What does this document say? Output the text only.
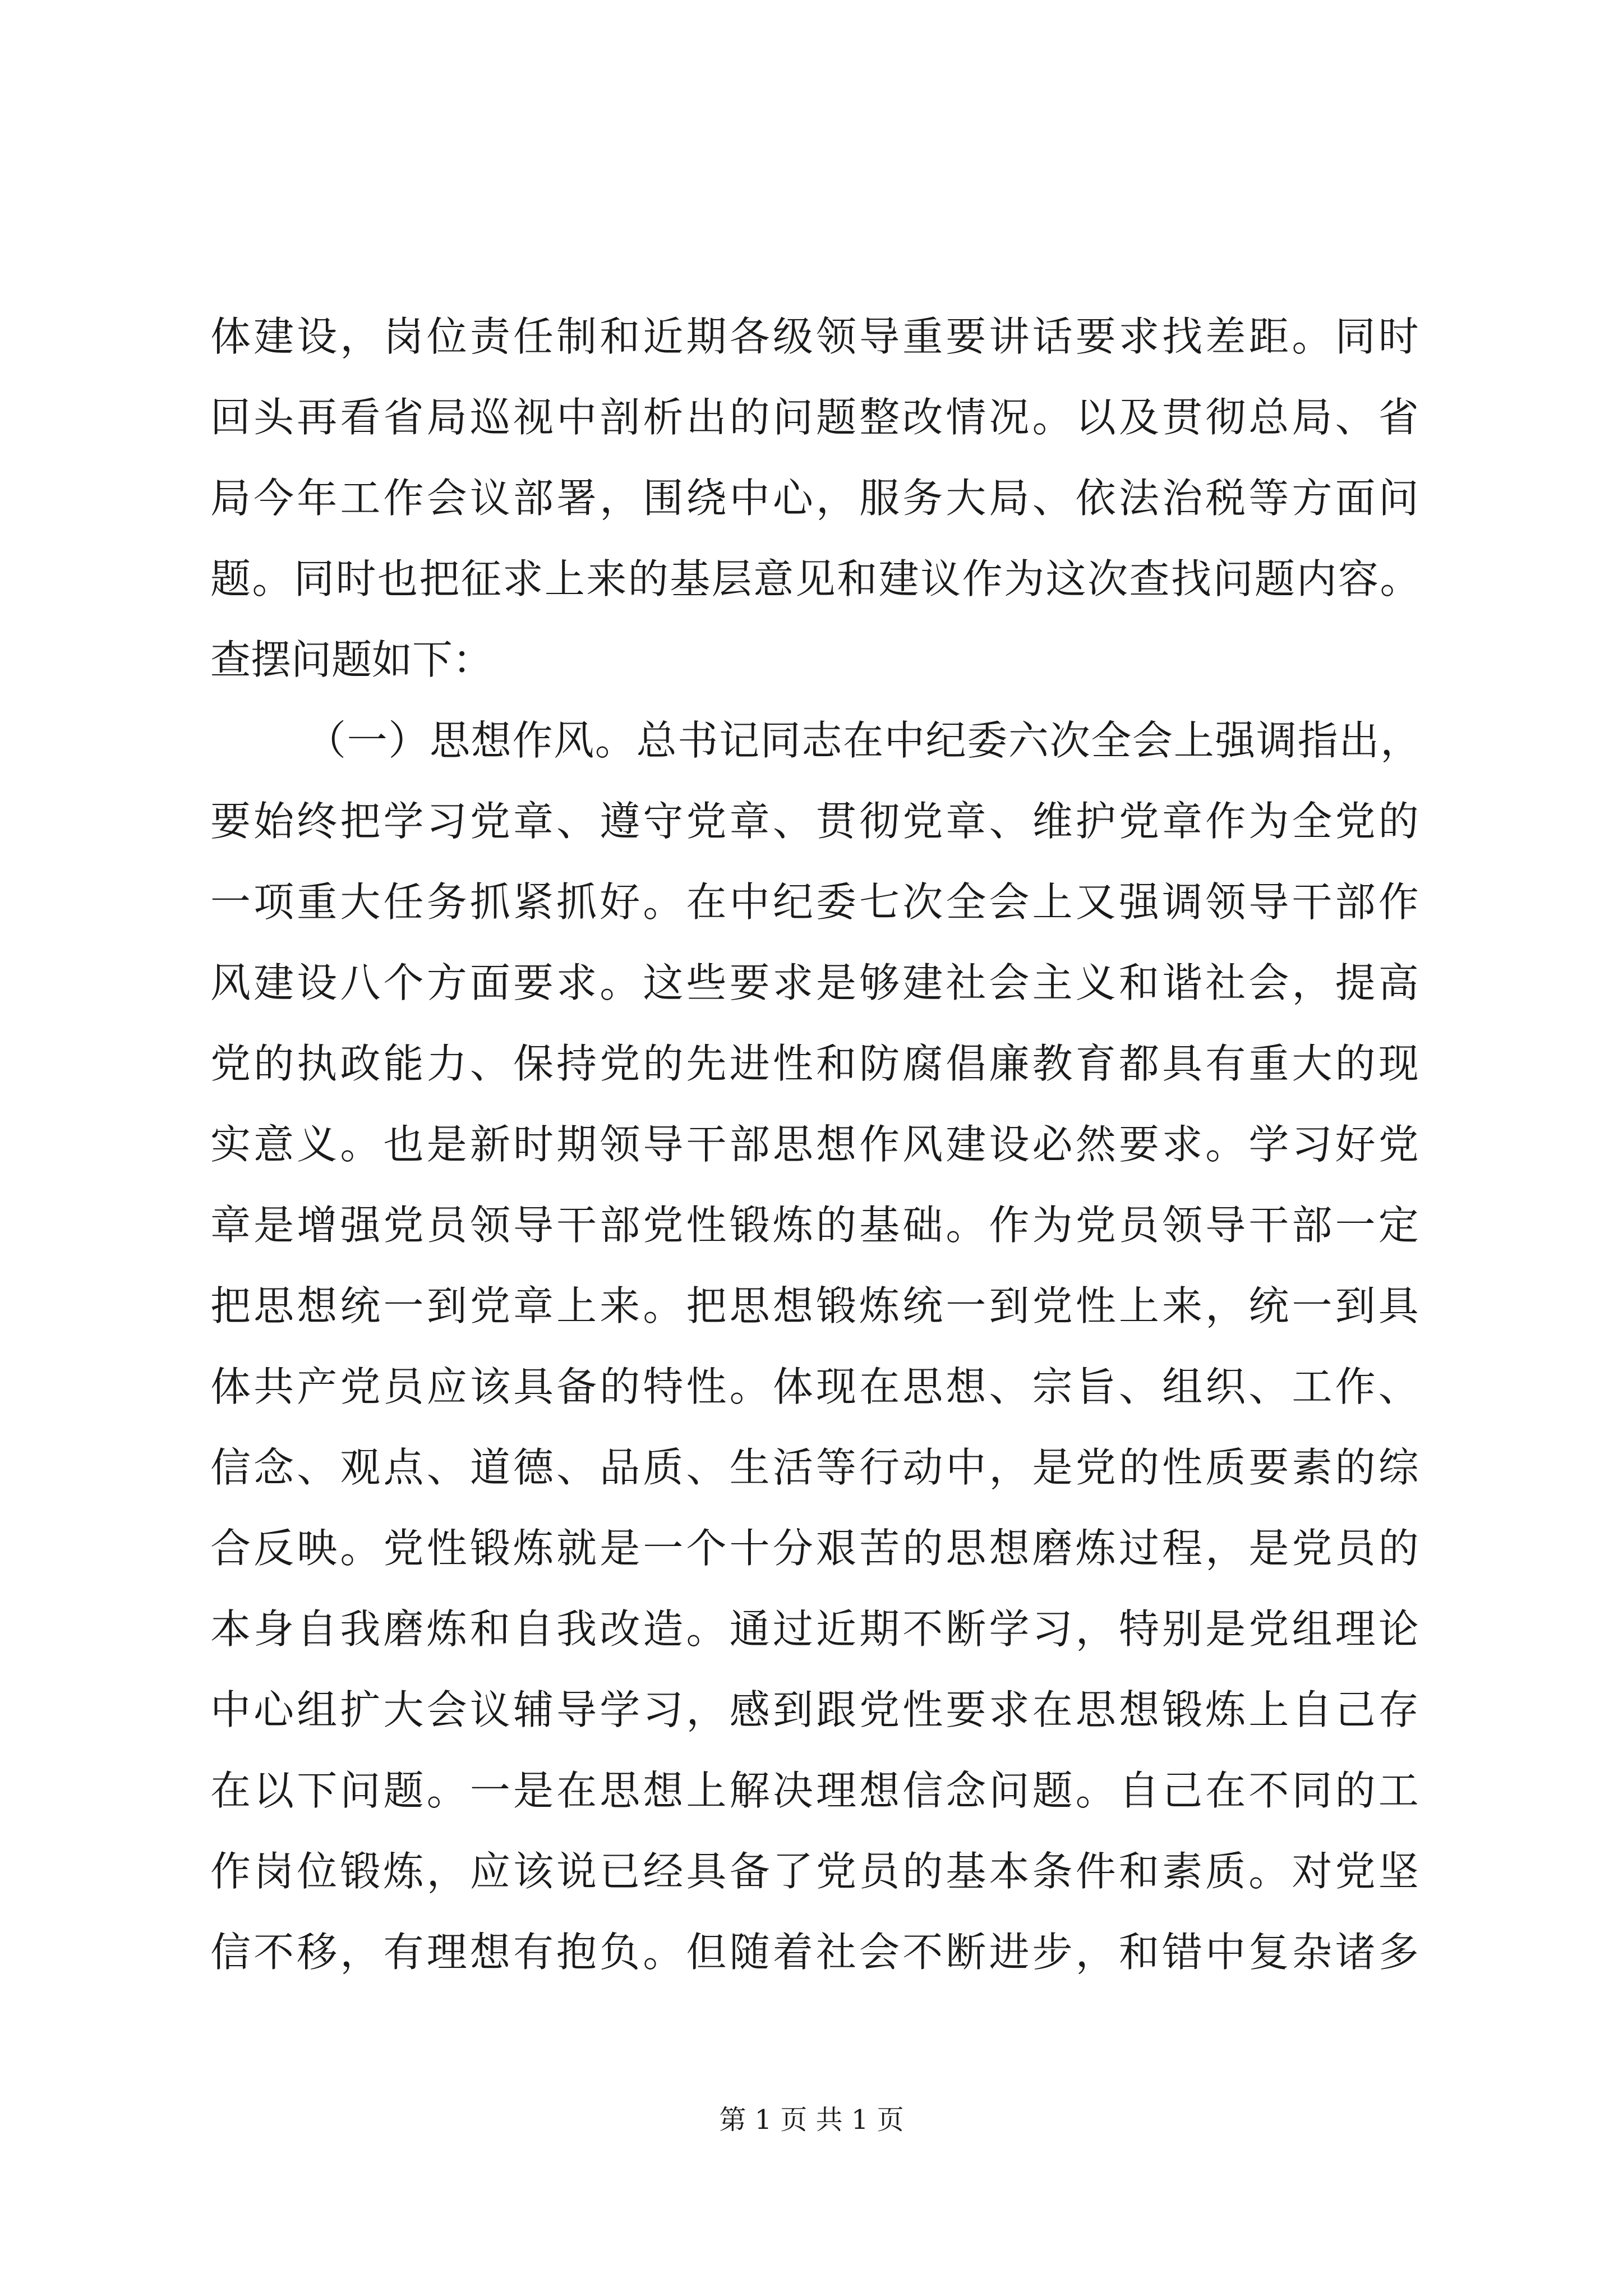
体建设，岗位责任制和近期各级领导重要讲话要求找差距。同时
回头再看省局巡视中剖析出的问题整改情况。以及贯彻总局、省
局今年工作会议部署，围绕中心，服务大局、依法治税等方面问
题。同时也把征求上来的基层意见和建议作为这次查找问题内容。
查摆问题如下：
（一）思想作风。总书记同志在中纪委六次全会上强调指出，
要始终把学习党章、遵守党章、贯彻党章、维护党章作为全党的
一项重大任务抓紧抓好。在中纪委七次全会上又强调领导干部作
风建设八个方面要求。这些要求是够建社会主义和谐社会，提高
党的执政能力、保持党的先进性和防腐倡廉教育都具有重大的现
实意义。也是新时期领导干部思想作风建设必然要求。学习好党
章是增强党员领导干部党性锻炼的基础。作为党员领导干部一定
把思想统一到党章上来。把思想锻炼统一到党性上来，统一到具
体共产党员应该具备的特性。体现在思想、宗旨、组织、工作、
信念、观点、道德、品质、生活等行动中，是党的性质要素的综
合反映。党性锻炼就是一个十分艰苦的思想磨炼过程，是党员的
本身自我磨炼和自我改造。通过近期不断学习，特别是党组理论
中心组扩大会议辅导学习，感到跟党性要求在思想锻炼上自己存
在以下问题。一是在思想上解决理想信念问题。自己在不同的工
作岗位锻炼，应该说已经具备了党员的基本条件和素质。对党坚
信不移，有理想有抱负。但随着社会不断进步，和错中复杂诸多
第 1 页 共 1 页
